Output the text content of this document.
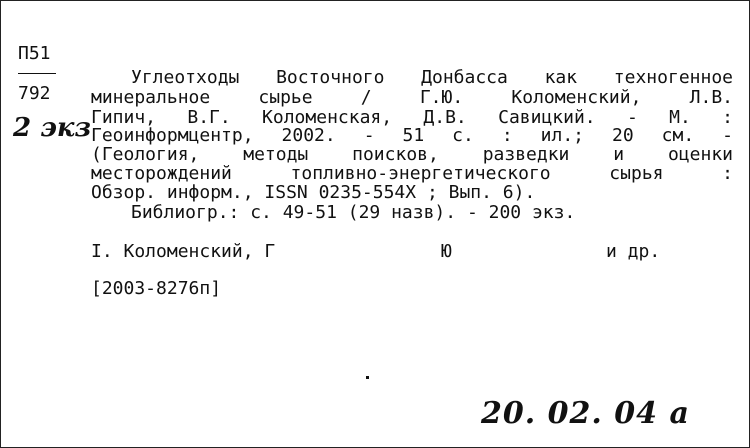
П51
792
2 экз
Углеотходы Восточного Донбасса как техногенное
минеральное сырье / Г.Ю. Коломенский, Л.В.
Гипич, В.Г. Коломенская, Д.В. Савицкий. - М. :
Геоинформцентр, 2002. - 51 с. : ил.; 20 см. -
(Геология, методы поисков, разведки и оценки
месторождений топливно-энергетического сырья :
Обзор. информ., ISSN 0235-554X ; Вып. 6).
Библиогр.: с. 49-51 (29 назв). - 200 экз.
I. Коломенский, Г	Ю	и др.
[2003-8276п]
20. 02. 04 а
